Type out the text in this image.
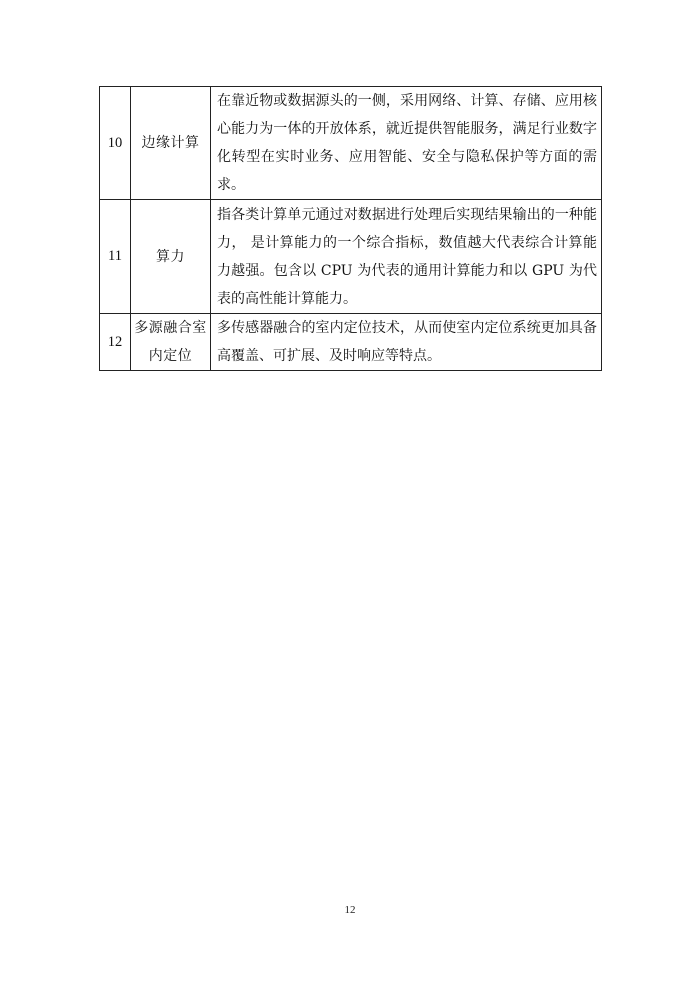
10	边缘计算	在靠近物或数据源头的一侧，采用网络、计算、存储、应用核心能力为一体的开放体系，就近提供智能服务，满足行业数字化转型在实时业务、应用智能、安全与隐私保护等方面的需求。
11	算力	指各类计算单元通过对数据进行处理后实现结果输出的一种能力， 是计算能力的一个综合指标，数值越大代表综合计算能力越强。包含以 CPU 为代表的通用计算能力和以 GPU 为代表的高性能计算能力。
12	多源融合室内定位	多传感器融合的室内定位技术，从而使室内定位系统更加具备高覆盖、可扩展、及时响应等特点。
12
